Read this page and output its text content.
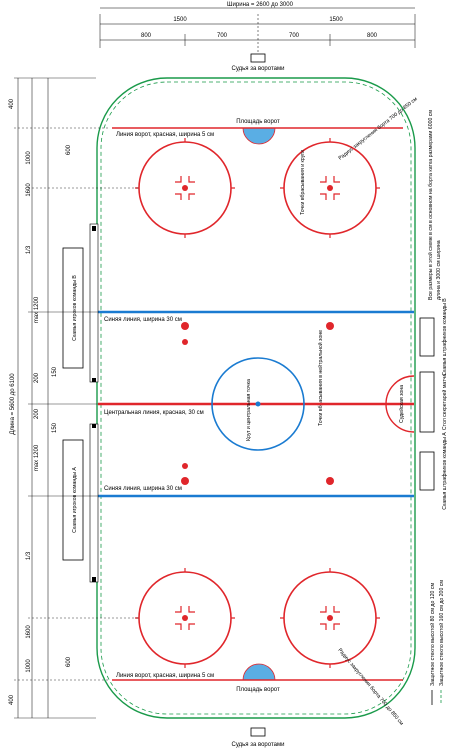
Ширина = 2600 до 3000
1500	1500
800	700	700	800
Судья за воротами
Судья за воротами
Площадь ворот
Площадь ворот
Линия ворот, красная, ширина 5 см
Линия ворот, красная, ширина 5 см
Точки вбрасывания и круги
Радиус закругления борта 700 до 850 см
Радиус закругления борта 700 до 850 см
Синяя линия, ширина 30 см
Синяя линия, ширина 30 см
Точки вбрасывания в нейтральной зоне
Центральная линия, красная, 30 см	Круг и центральная точка	Судейская зона
Скамья игроков команды B
Скамья игроков команды A
Скамья штрафников команды B
Стол секретарей матча
Скамья штрафников команды A
Все размеры в этой схеме в см в основном на борта катка размерами 6000 см длина и 3000 см ширина
Защитное стекло высотой 80 см до 120 см Защитное стекло высотой 160 см до 200 см
Длина = 5600 до 6100
400
1000
600
1600
1/3
max 1200
150
200
200
max 1200
150
1/3
1600
600
1000
400
